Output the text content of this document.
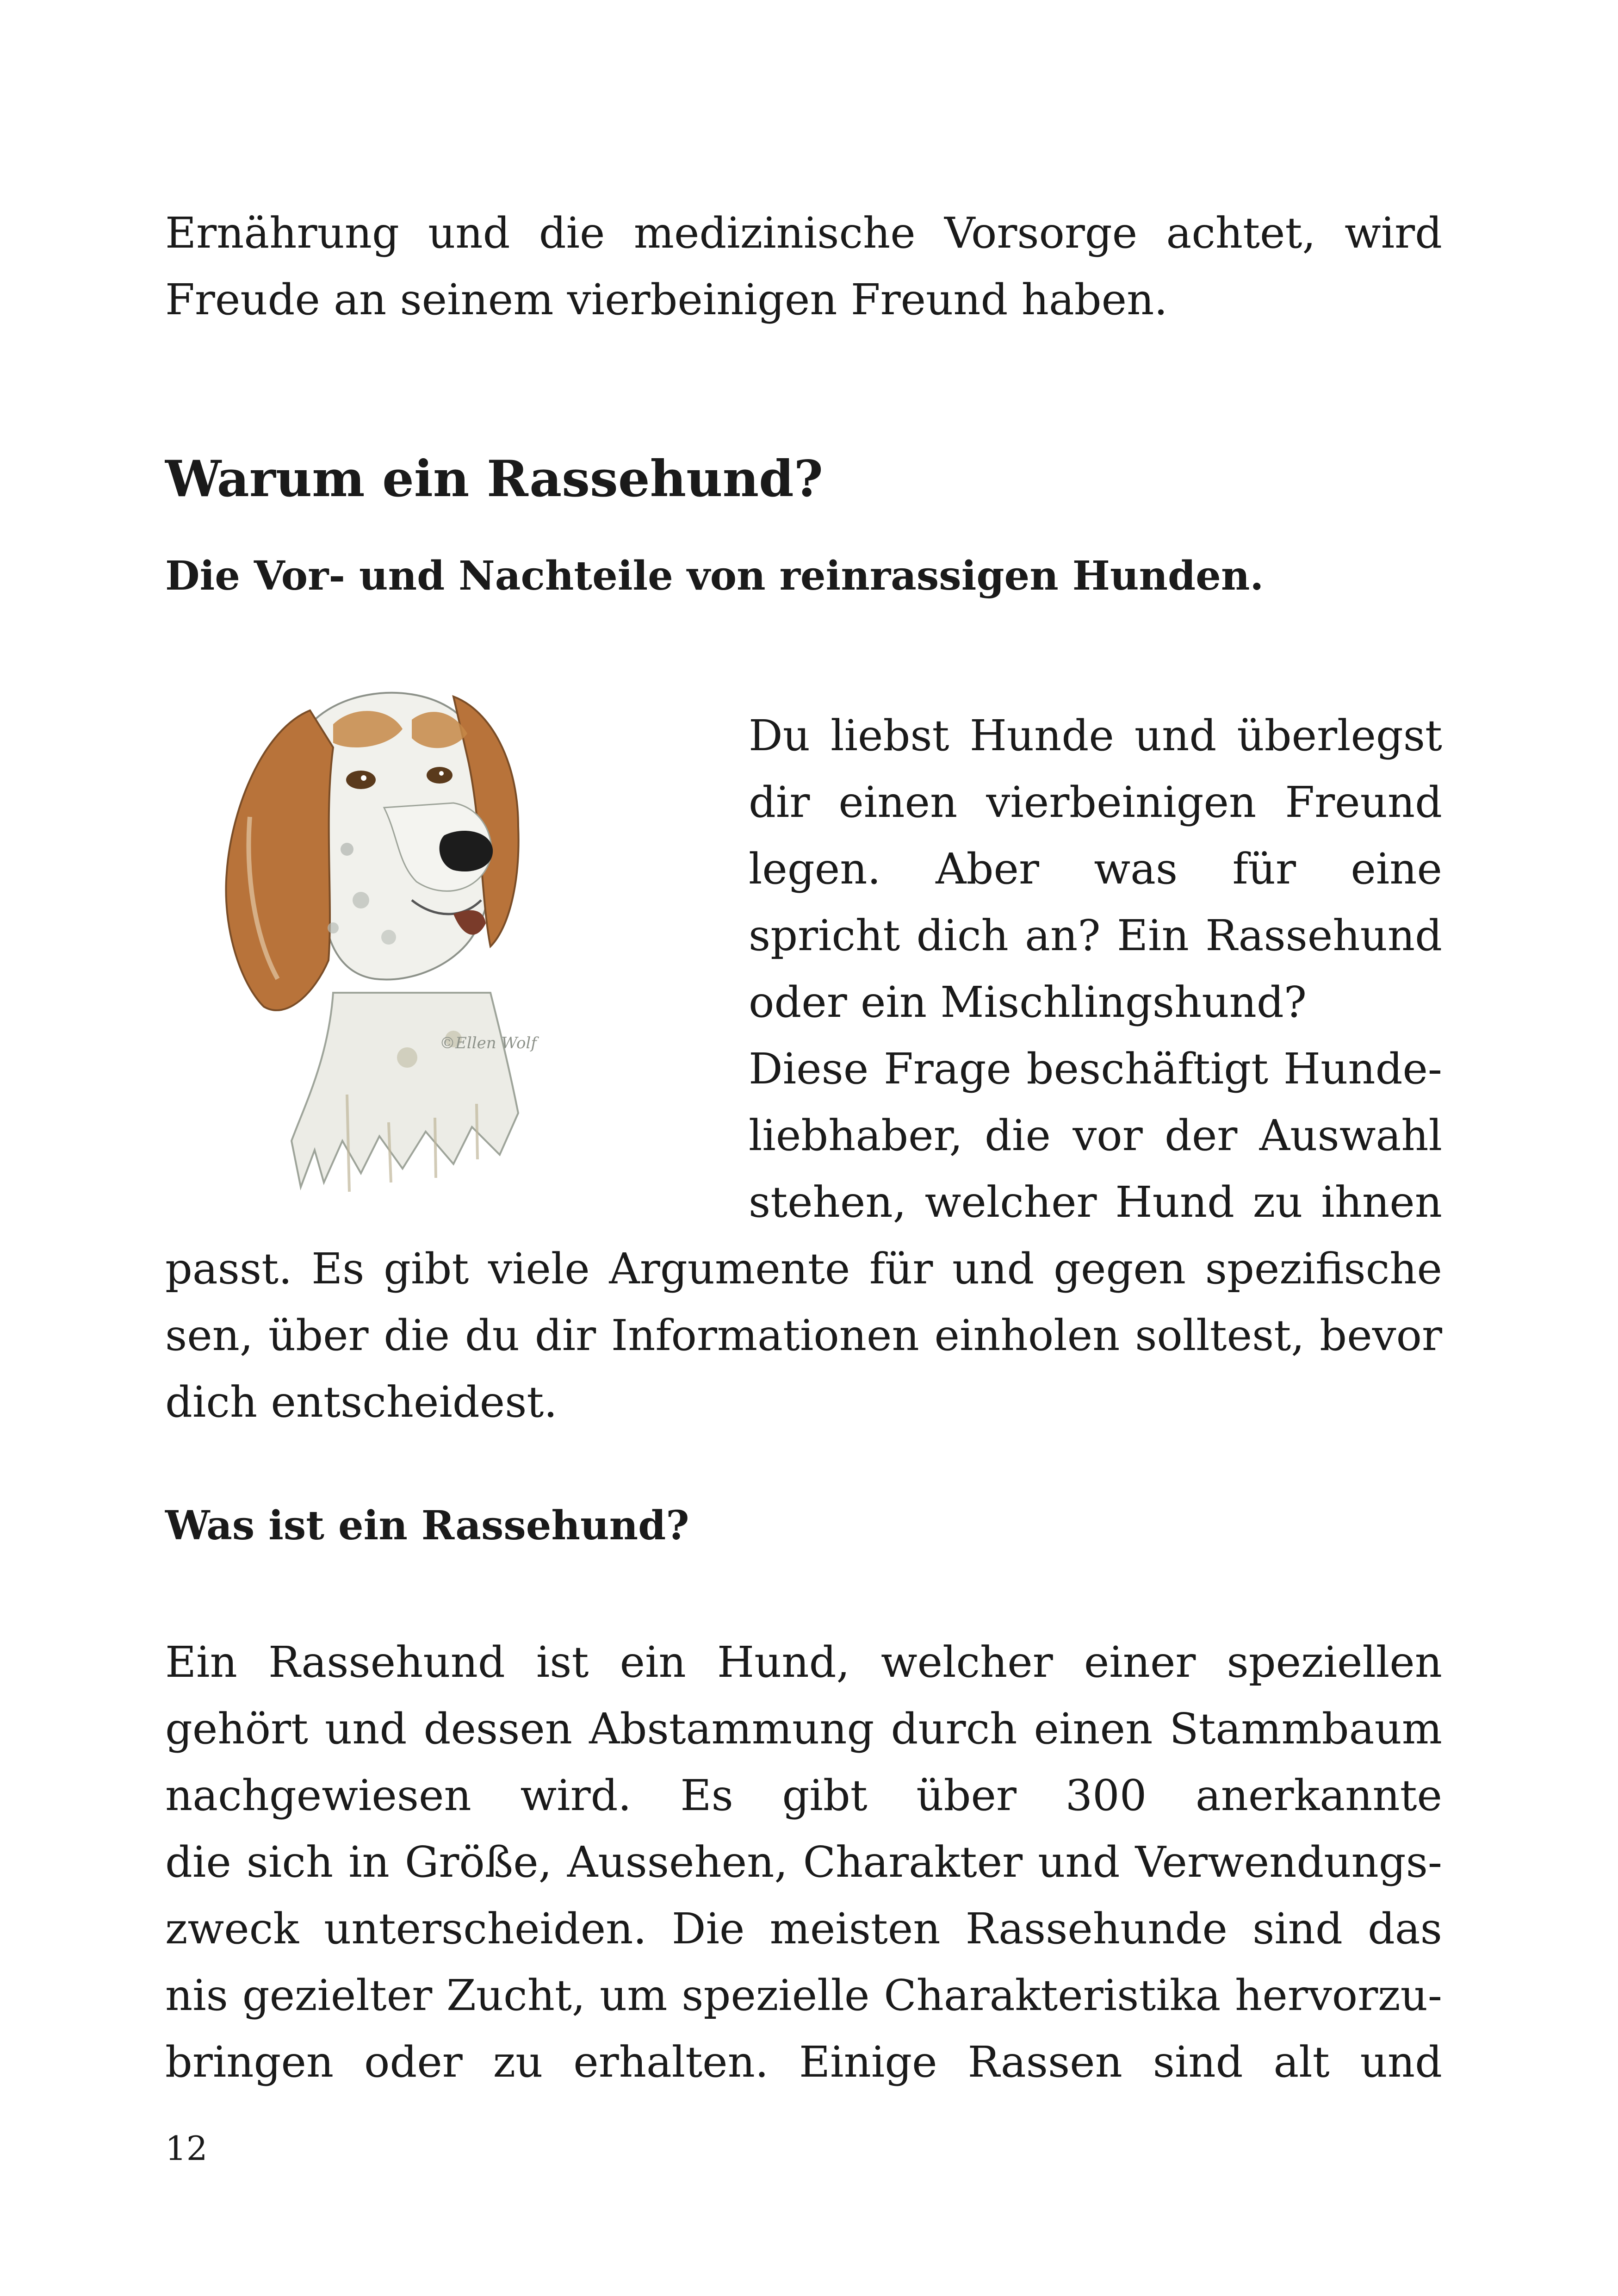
Ernährung und die medizinische Vorsorge achtet, wird
Freude an seinem vierbeinigen Freund haben.

Warum ein Rassehund?
Die Vor- und Nachteile von reinrassigen Hunden.
©Ellen Wolf

Du liebst Hunde und überlegst
dir einen vierbeinigen Freund
legen. Aber was für eine
spricht dich an? Ein Rassehund
oder ein Mischlingshund?
Diese Frage beschäftigt Hunde-
liebhaber, die vor der Auswahl
stehen, welcher Hund zu ihnen

passt. Es gibt viele Argumente für und gegen spezifische
sen, über die du dir Informationen einholen solltest, bevor
dich entscheidest.

Was ist ein Rassehund?

Ein Rassehund ist ein Hund, welcher einer speziellen
gehört und dessen Abstammung durch einen Stammbaum
nachgewiesen wird. Es gibt über 300 anerkannte
die sich in Größe, Aussehen, Charakter und Verwendungs-
zweck unterscheiden. Die meisten Rassehunde sind das
nis gezielter Zucht, um spezielle Charakteristika hervorzu-
bringen oder zu erhalten. Einige Rassen sind alt und

12
